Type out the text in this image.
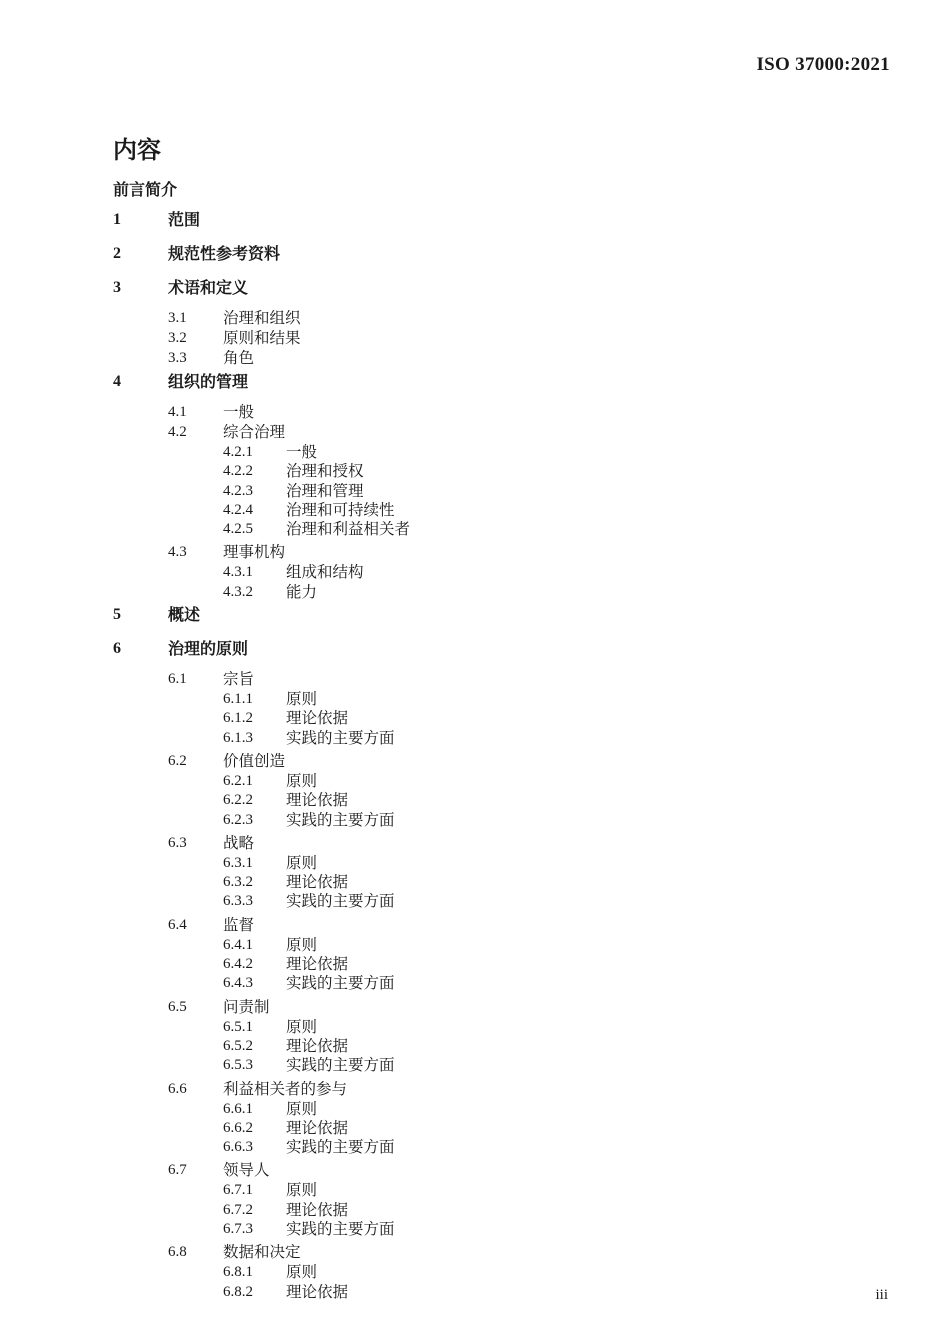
ISO 37000:2021
内容
前言简介
1	范围
2	规范性参考资料
3	术语和定义
3.1 治理和组织
3.2 原则和结果
3.3 角色
4	组织的管理
4.1 一般
4.2 综合治理
4.2.1 一般
4.2.2 治理和授权
4.2.3 治理和管理
4.2.4 治理和可持续性
4.2.5 治理和利益相关者
4.3 理事机构
4.3.1 组成和结构
4.3.2 能力
5	概述
6	治理的原则
6.1 宗旨
6.1.1 原则
6.1.2 理论依据
6.1.3 实践的主要方面
6.2 价值创造
6.2.1 原则
6.2.2 理论依据
6.2.3 实践的主要方面
6.3 战略
6.3.1 原则
6.3.2 理论依据
6.3.3 实践的主要方面
6.4 监督
6.4.1 原则
6.4.2 理论依据
6.4.3 实践的主要方面
6.5 问责制
6.5.1 原则
6.5.2 理论依据
6.5.3 实践的主要方面
6.6 利益相关者的参与
6.6.1 原则
6.6.2 理论依据
6.6.3 实践的主要方面
6.7 领导人
6.7.1 原则
6.7.2 理论依据
6.7.3 实践的主要方面
6.8 数据和决定
6.8.1 原则
6.8.2 理论依据	iii
